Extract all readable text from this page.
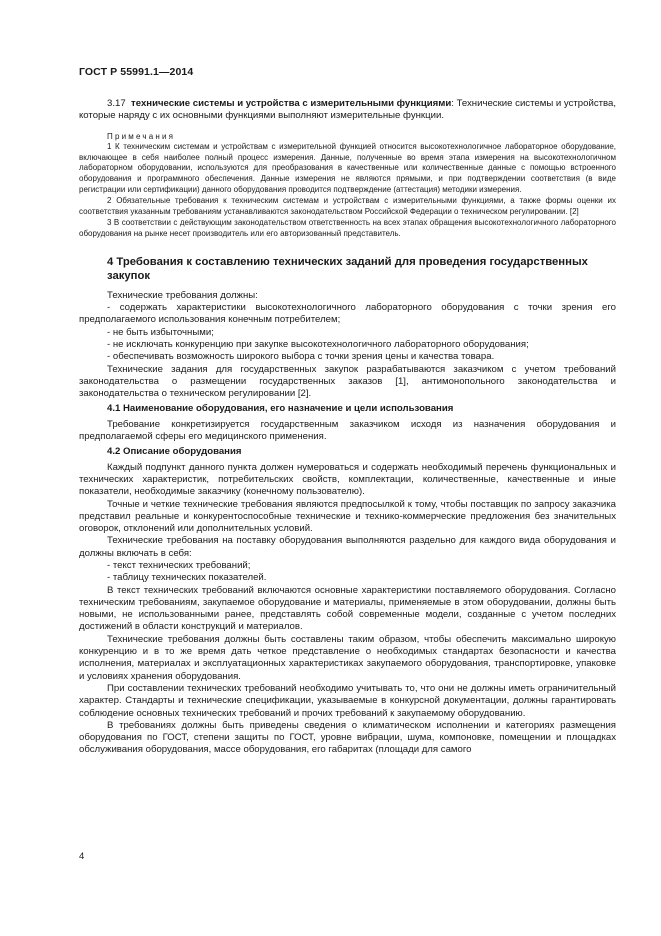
ГОСТ Р 55991.1—2014

3.17 технические системы и устройства с измерительными функциями: Технические системы и устройства, которые наряду с их основными функциями выполняют измерительные функции.

Примечания

1 К техническим системам и устройствам с измерительной функцией относится высокотехнологичное лабораторное оборудование, включающее в себя наиболее полный процесс измерения. Данные, полученные во время этапа измерения на высокотехнологичном лабораторном оборудовании, используются для преобразования в качественные или количественные данные с помощью встроенного оборудования и программного обеспечения. Данные измерения не являются прямыми, и при подтверждении соответствия (в виде регистрации или сертификации) данного оборудования проводится подтверждение (аттестация) методики измерения.

2 Обязательные требования к техническим системам и устройствам с измерительными функциями, а также формы оценки их соответствия указанным требованиям устанавливаются законодательством Российской Федерации о техническом регулировании. [2]

3 В соответствии с действующим законодательством ответственность на всех этапах обращения высокотехнологичного лабораторного оборудования на рынке несет производитель или его авторизованный представитель.

4 Требования к составлению технических заданий для проведения государственных закупок

Технические требования должны:

- содержать характеристики высокотехнологичного лабораторного оборудования с точки зрения его предполагаемого использования конечным потребителем;

- не быть избыточными;

- не исключать конкуренцию при закупке высокотехнологичного лабораторного оборудования;

- обеспечивать возможность широкого выбора с точки зрения цены и качества товара.

Технические задания для государственных закупок разрабатываются заказчиком с учетом требований законодательства о размещении государственных заказов [1], антимонопольного законодательства и законодательства о техническом регулировании [2].

4.1 Наименование оборудования, его назначение и цели использования

Требование конкретизируется государственным заказчиком исходя из назначения оборудования и предполагаемой сферы его медицинского применения.

4.2 Описание оборудования

Каждый подпункт данного пункта должен нумероваться и содержать необходимый перечень функциональных и технических характеристик, потребительских свойств, комплектации, количественные, качественные и иные показатели, необходимые заказчику (конечному пользователю).

Точные и четкие технические требования являются предпосылкой к тому, чтобы поставщик по запросу заказчика представил реальные и конкурентоспособные технические и технико-коммерческие предложения без значительных оговорок, отклонений или дополнительных условий.

Технические требования на поставку оборудования выполняются раздельно для каждого вида оборудования и должны включать в себя:

- текст технических требований;

- таблицу технических показателей.

В текст технических требований включаются основные характеристики поставляемого оборудования. Согласно техническим требованиям, закупаемое оборудование и материалы, применяемые в этом оборудовании, должны быть новыми, не использованными ранее, представлять собой современные модели, созданные с учетом последних достижений в области конструкций и материалов.

Технические требования должны быть составлены таким образом, чтобы обеспечить максимально широкую конкуренцию и в то же время дать четкое представление о необходимых стандартах безопасности и качества исполнения, материалах и эксплуатационных характеристиках закупаемого оборудования, транспортировке, упаковке и условиях хранения оборудования.

При составлении технических требований необходимо учитывать то, что они не должны иметь ограничительный характер. Стандарты и технические спецификации, указываемые в конкурсной документации, должны гарантировать соблюдение основных технических требований и прочих требований к закупаемому оборудованию.

В требованиях должны быть приведены сведения о климатическом исполнении и категориях размещения оборудования по ГОСТ, степени защиты по ГОСТ, уровне вибрации, шума, компоновке, помещении и площадках обслуживания оборудования, массе оборудования, его габаритах (площади для самого

4
